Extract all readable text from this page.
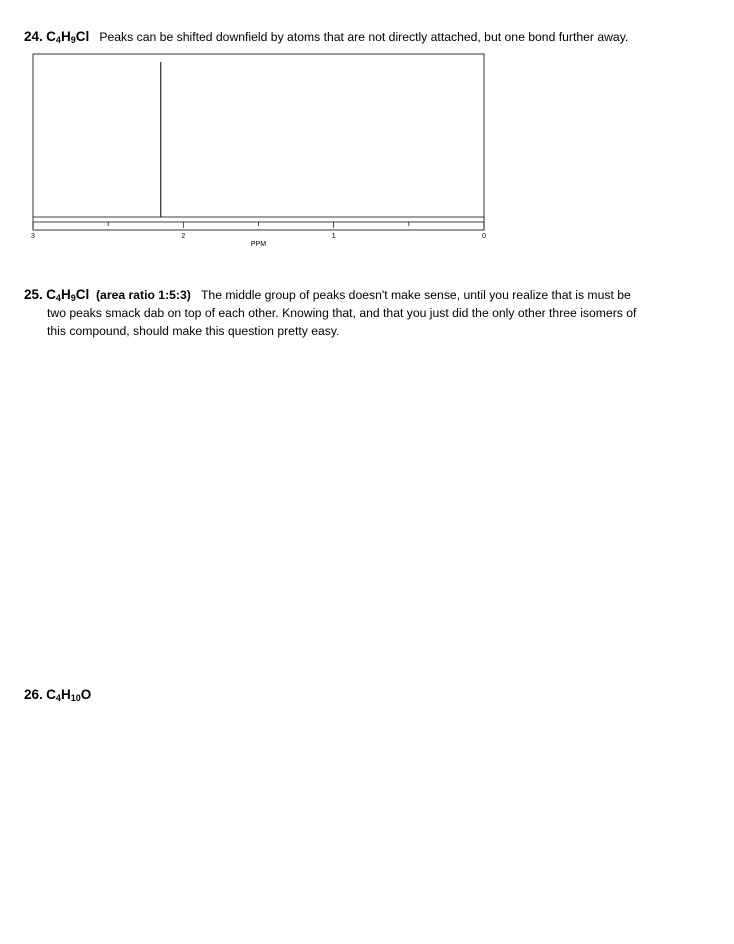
24. $C_4H_9Cl$ Peaks can be shifted downfield by atoms that are not directly attached, but one bond further away.
3	2	1	0
PPM
25. $C_4H_9Cl$ (area ratio 1:5:3) The middle group of peaks doesn't make sense, until you realize that is must be
two peaks smack dab on top of each other. Knowing that, and that you just did the only other three isomers of
this compound, should make this question pretty easy.
26. $C_4H_{10}O$
